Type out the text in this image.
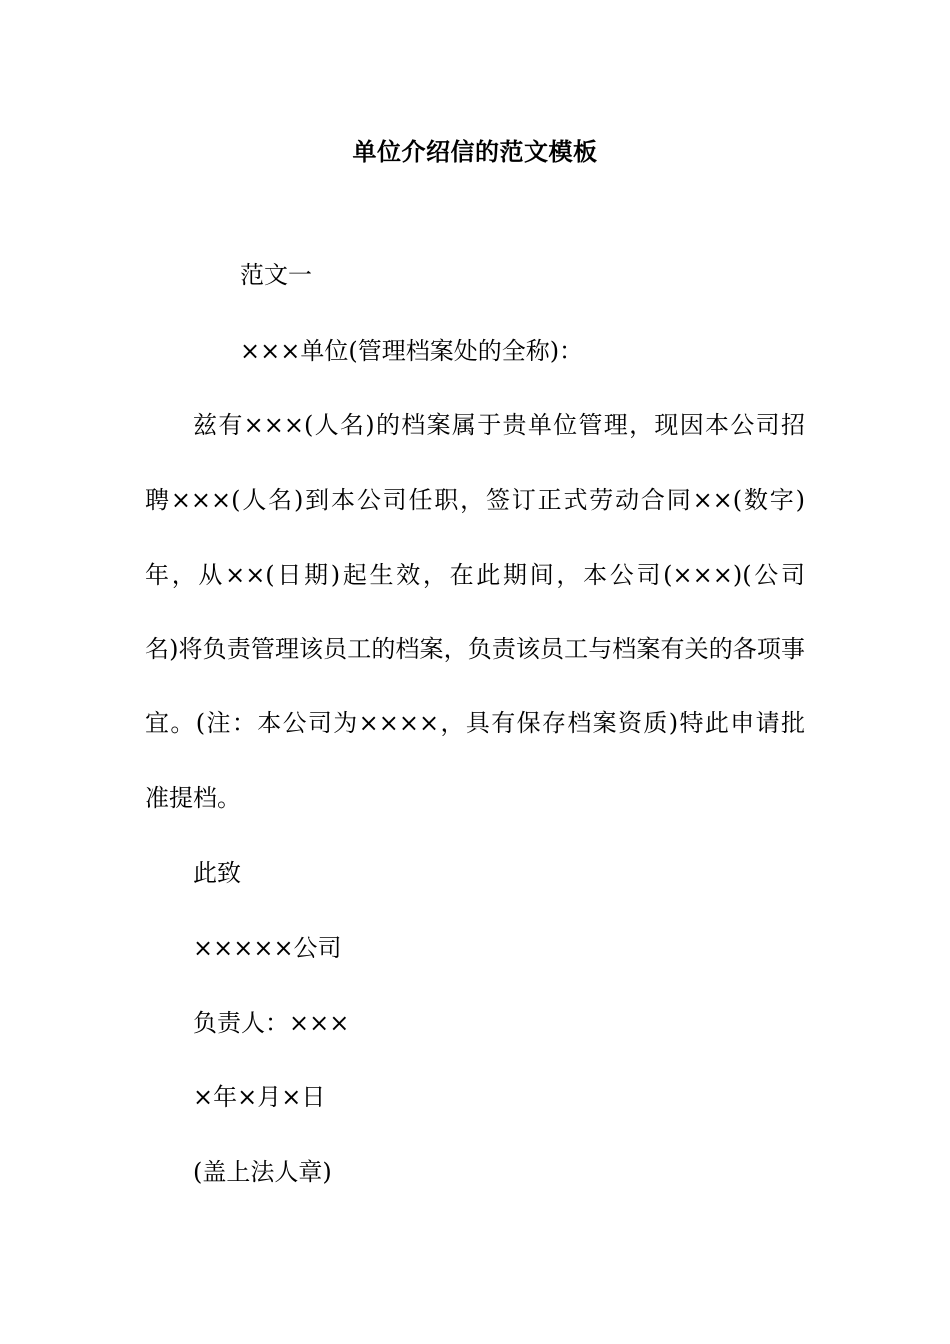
单位介绍信的范文模板
范文一
×××单位(管理档案处的全称)：
兹有×××(人名)的档案属于贵单位管理，现因本公司招
聘×××(人名)到本公司任职，签订正式劳动合同××(数字)
年，从××(日期)起生效，在此期间，本公司(×××)(公司
名)将负责管理该员工的档案，负责该员工与档案有关的各项事
宜。(注：本公司为××××，具有保存档案资质)特此申请批
准提档。
此致
×××××公司
负责人：×××
×年×月×日
(盖上法人章)
